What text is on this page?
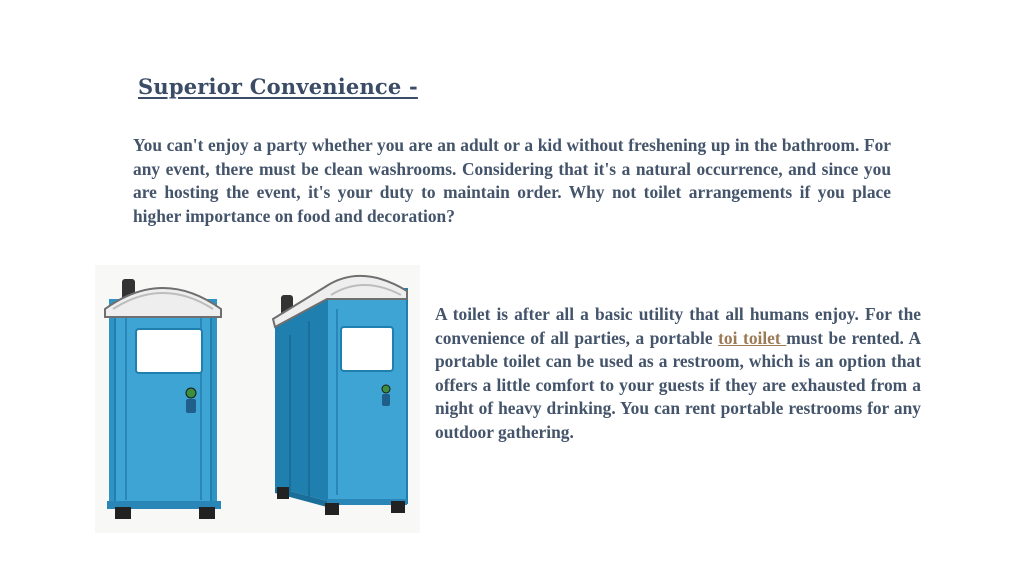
Superior Convenience -

You can't enjoy a party whether you are an adult or a kid without freshening up in the bathroom. For any event, there must be clean washrooms. Considering that it's a natural occurrence, and since you are hosting the event, it's your duty to maintain order. Why not toilet arrangements if you place higher importance on food and decoration?

A toilet is after all a basic utility that all humans enjoy. For the convenience of all parties, a portable toi toilet must be rented. A portable toilet can be used as a restroom, which is an option that offers a little comfort to your guests if they are exhausted from a night of heavy drinking. You can rent portable restrooms for any outdoor gathering.
